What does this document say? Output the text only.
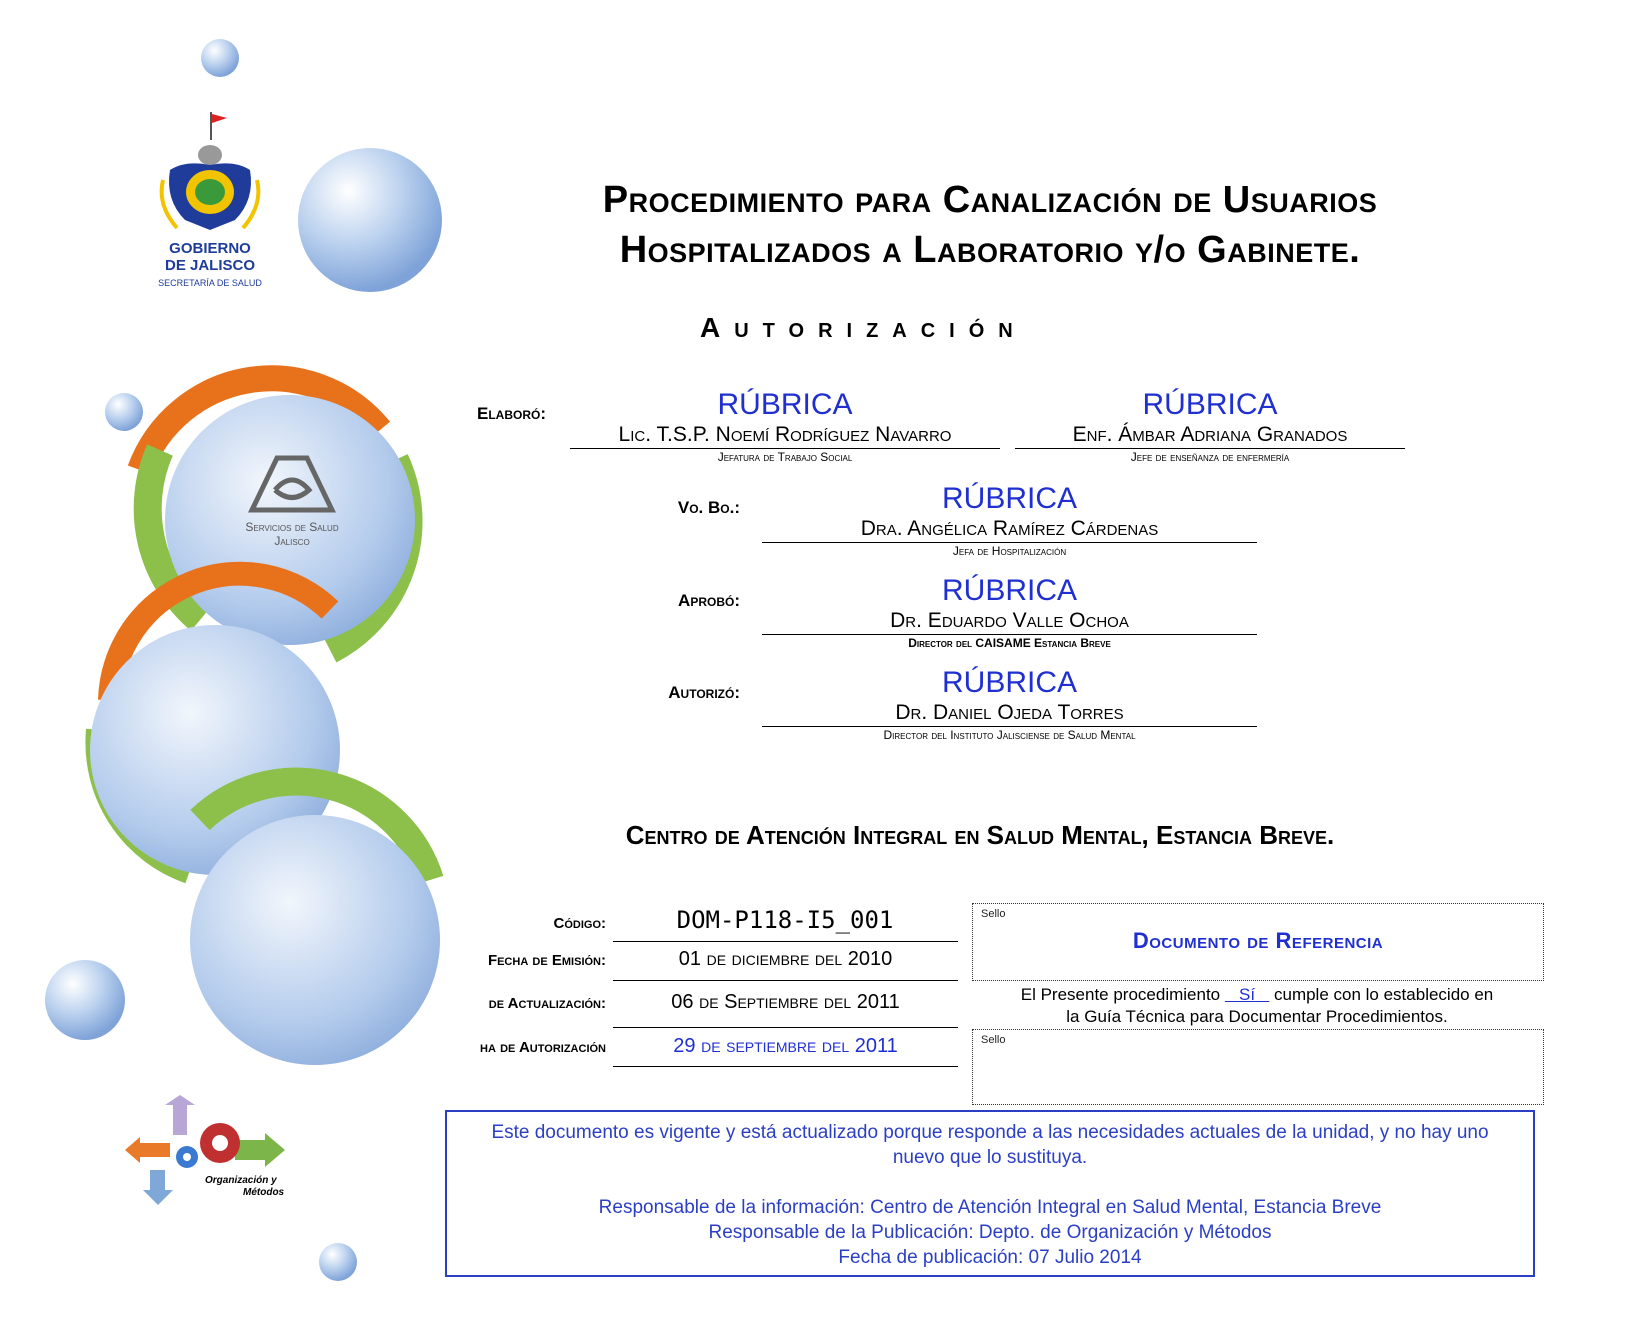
GOBIERNO
DE JALISCO
SECRETARÍA DE SALUD
Servicios de Salud
Jalisco
Organización y
Métodos
Procedimiento para Canalización de Usuarios
Hospitalizados a Laboratorio y/o Gabinete.
Autorización
Elaboró:	RÚBRICA
Lic. T.S.P. Noemí Rodríguez Navarro
Jefatura de Trabajo Social
RÚBRICA
Enf. Ámbar Adriana Granados
Jefe de enseñanza de enfermería
Vo. Bo.:	RÚBRICA
Dra. Angélica Ramírez Cárdenas
Jefa de Hospitalización
Aprobó:	RÚBRICA
Dr. Eduardo Valle Ochoa
Director del CAISAME Estancia Breve
Autorizó:	RÚBRICA
Dr. Daniel Ojeda Torres
Director del Instituto Jalisciense de Salud Mental
Centro de Atención Integral en Salud Mental, Estancia Breve.
Código:	DOM-P118-I5_001
Fecha de Emisión:	01 de diciembre del 2010
de Actualización:	06 de Septiembre del 2011
ha de Autorización	29 de septiembre del 2011
Sello
Documento de Referencia
El Presente procedimiento    Sí    cumple con lo establecido en
la Guía Técnica para Documentar Procedimientos.
Sello
Este documento es vigente y está actualizado porque responde a las necesidades actuales de la unidad, y no hay uno nuevo que lo sustituya.
Responsable de la información: Centro de Atención Integral en Salud Mental, Estancia Breve
Responsable de la Publicación: Depto. de Organización y Métodos
Fecha de publicación: 07 Julio 2014
